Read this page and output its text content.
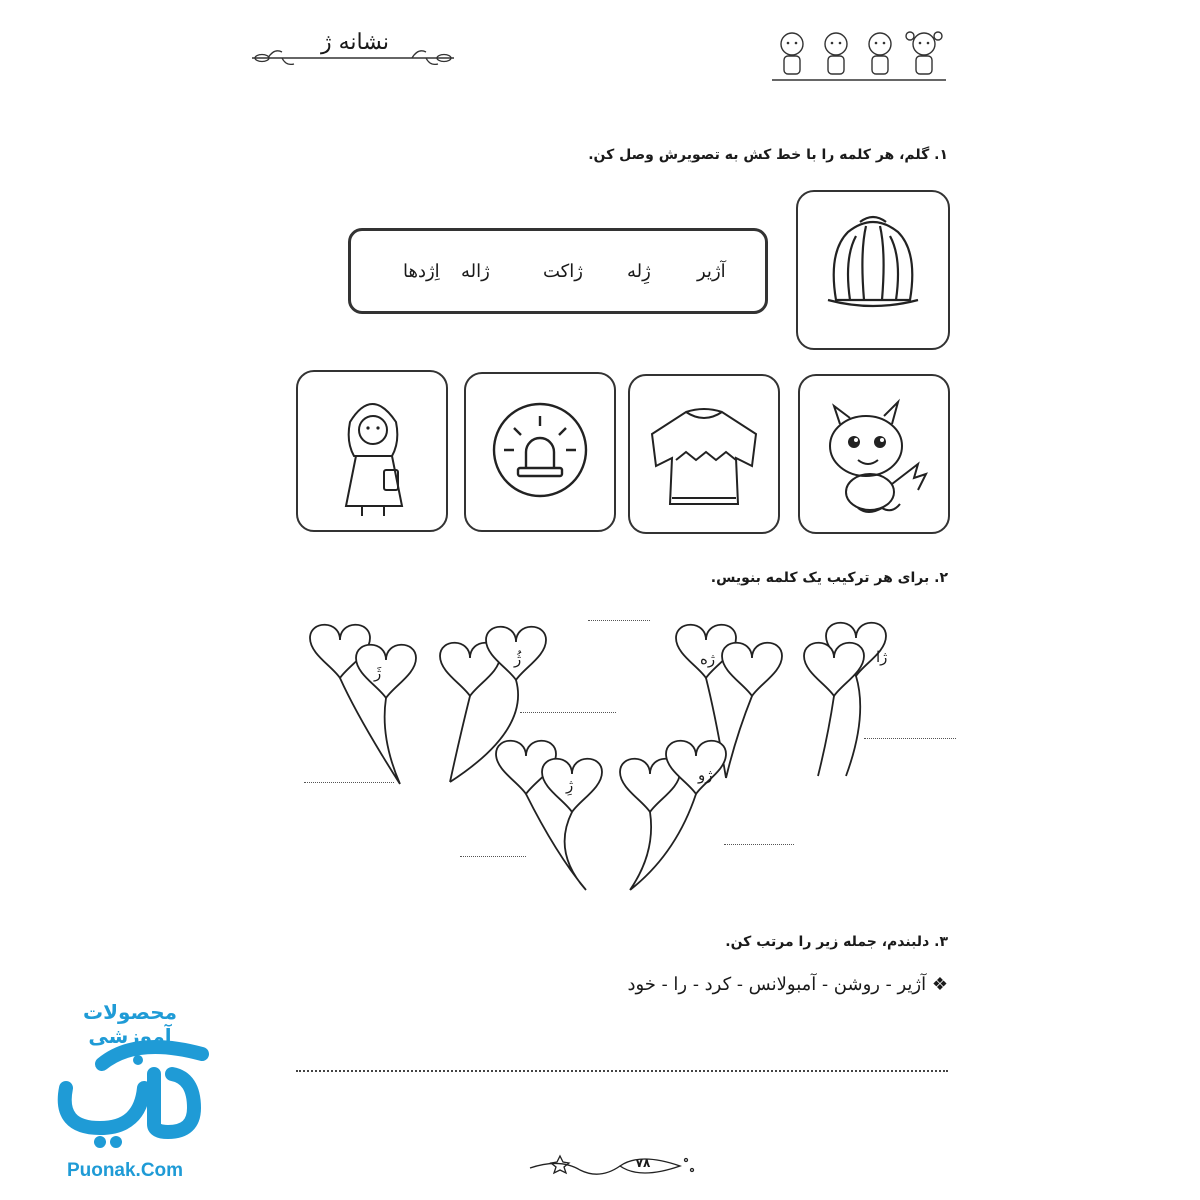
نشانه ژ
۱. گلم، هر کلمه را با خط کش به تصویرش وصل کن.
آژیر
ژِله
ژاکت
ژاله
اِژدها
۲. برای هر ترکیب یک کلمه بنویس.
ژا
ژه
ژو
ژِ
ژُ
ژَ
۳. دلبندم، جمله زیر را مرتب کن.
❖ آژیر - روشن - آمبولانس - کرد - را - خود
محصولات آموزشی
Puonak.Com	۷۸
